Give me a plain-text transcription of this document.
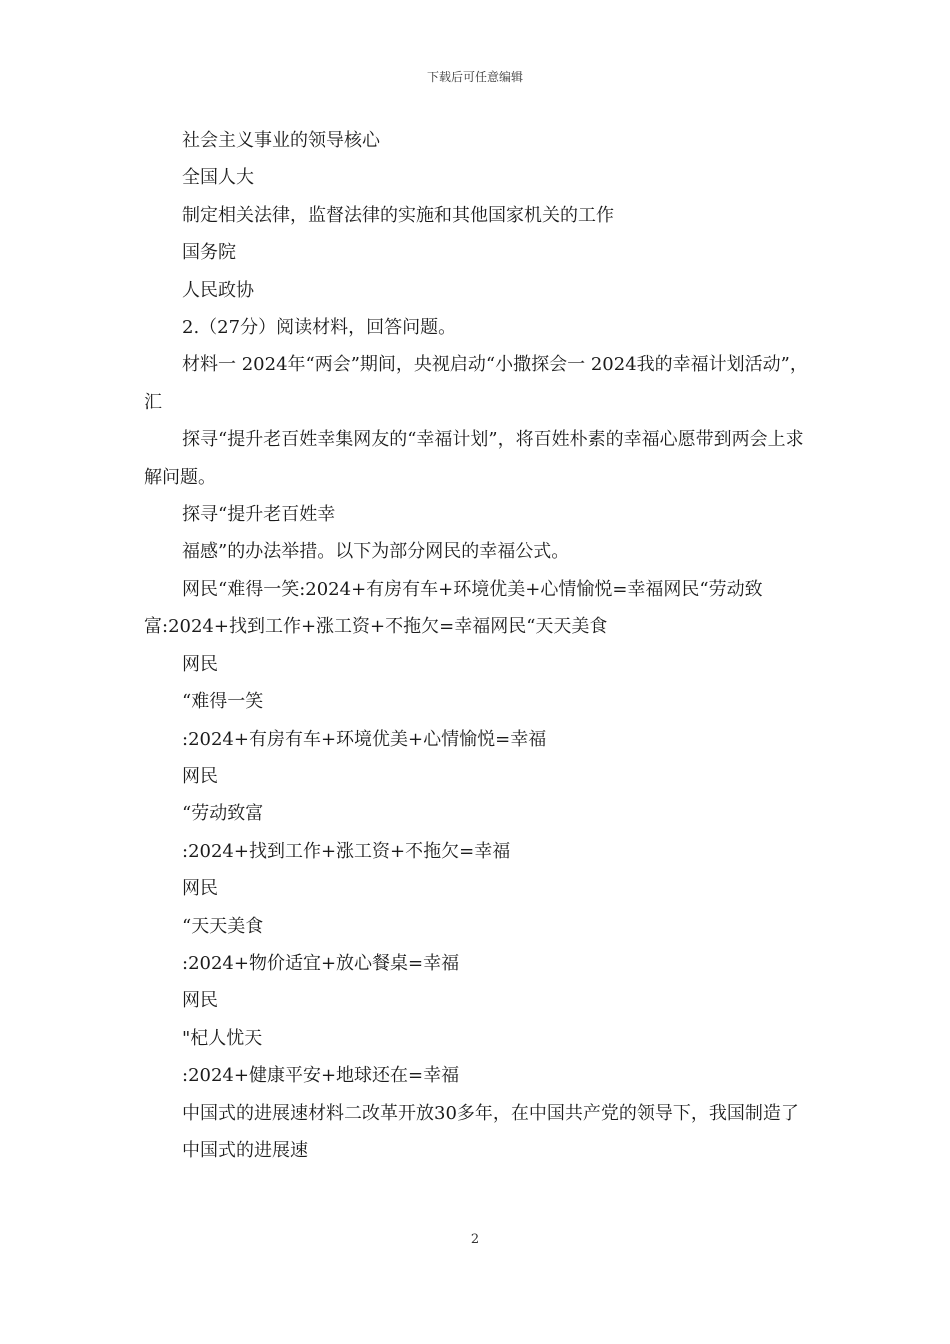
下载后可任意编辑

社会主义事业的领导核心

全国人大

制定相关法律，监督法律的实施和其他国家机关的工作

国务院

人民政协

2.（27分）阅读材料，回答问题。

材料一 2024年“两会”期间，央视启动“小撒探会一 2024我的幸福计划活动”，汇

探寻“提升老百姓幸集网友的“幸福计划”，将百姓朴素的幸福心愿带到两会上求解问题。

探寻“提升老百姓幸

福感”的办法举措。以下为部分网民的幸福公式。

网民“难得一笑:2024+有房有车+环境优美+心情愉悦=幸福网民“劳动致富:2024+找到工作+涨工资+不拖欠=幸福网民“天天美食

网民

“难得一笑

:2024+有房有车+环境优美+心情愉悦=幸福

网民

“劳动致富

:2024+找到工作+涨工资+不拖欠=幸福

网民

“天天美食

:2024+物价适宜+放心餐桌=幸福

网民

"杞人忧天

:2024+健康平安+地球还在=幸福

中国式的进展速材料二改革开放30多年，在中国共产党的领导下，我国制造了

中国式的进展速

2
